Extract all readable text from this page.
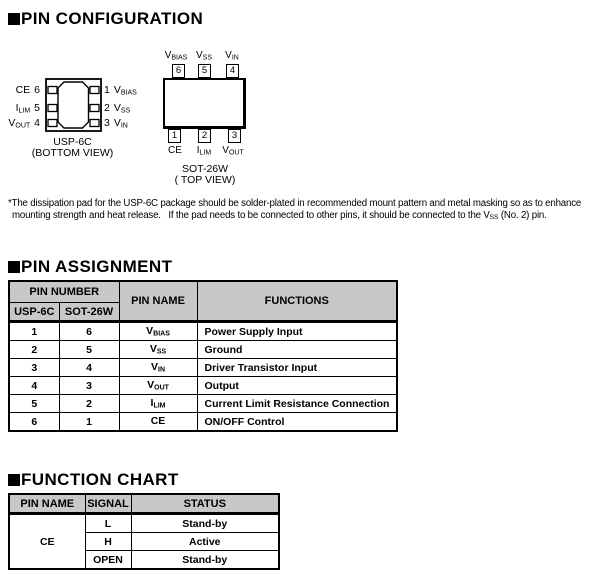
PIN CONFIGURATION
CE 6
ILIM 5
VOUT 4
1 VBIAS
2 VSS
3 VIN
USP-6C
(BOTTOM VIEW)
6	5	4
1	2	3
VBIAS VSS	VIN
CE	ILIM	VOUT
SOT-26W
( TOP VIEW)
*The dissipation pad for the USP-6C package should be solder-plated in recommended mount pattern and metal masking so as to enhance
mounting strength and heat release.   If the pad needs to be connected to other pins, it should be connected to the VSS (No. 2) pin.
PIN ASSIGNMENT
PIN NUMBER		PIN NAME	FUNCTIONS
USP-6C	SOT-26W		
1	6	VBIAS	Power Supply Input
2	5	VSS	Ground
3	4	VIN	Driver Transistor Input
4	3	VOUT	Output
5	2	ILIM	Current Limit Resistance Connection
6	1	CE	ON/OFF Control
FUNCTION CHART
PIN NAME	SIGNAL	STATUS
CE	L	Stand-by
	H	Active
	OPEN	Stand-by
